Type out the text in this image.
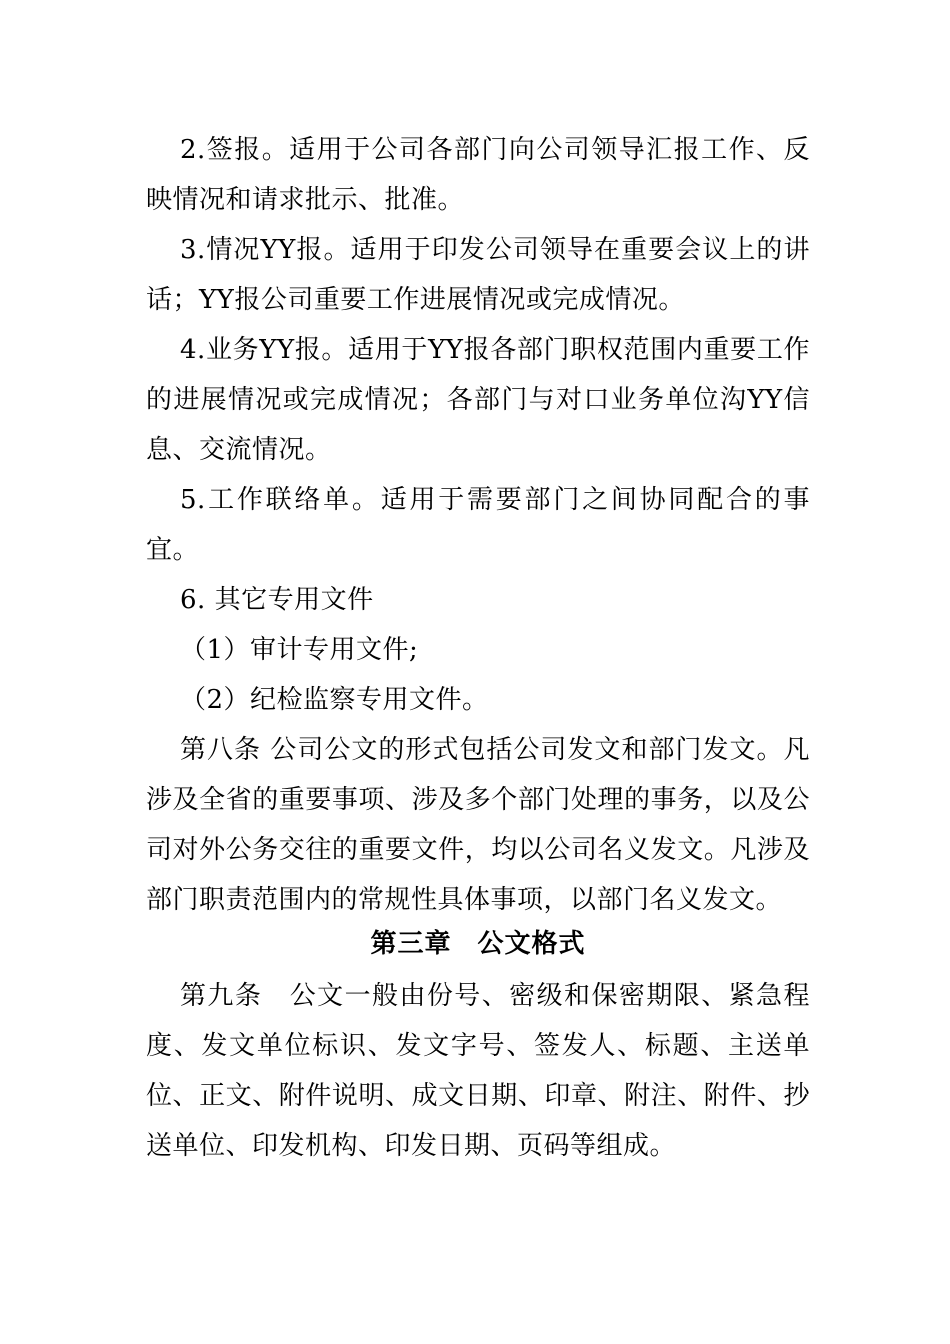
2.签报。适用于公司各部门向公司领导汇报工作、反映情况和请求批示、批准。

3.情况YY报。适用于印发公司领导在重要会议上的讲话；YY报公司重要工作进展情况或完成情况。

4.业务YY报。适用于YY报各部门职权范围内重要工作的进展情况或完成情况；各部门与对口业务单位沟YY信息、交流情况。

5.工作联络单。适用于需要部门之间协同配合的事宜。

6. 其它专用文件

（1）审计专用文件;

（2）纪检监察专用文件。

第八条 公司公文的形式包括公司发文和部门发文。凡涉及全省的重要事项、涉及多个部门处理的事务，以及公司对外公务交往的重要文件，均以公司名义发文。凡涉及部门职责范围内的常规性具体事项，以部门名义发文。

第三章 公文格式

第九条　公文一般由份号、密级和保密期限、紧急程度、发文单位标识、发文字号、签发人、标题、主送单位、正文、附件说明、成文日期、印章、附注、附件、抄送单位、印发机构、印发日期、页码等组成。
